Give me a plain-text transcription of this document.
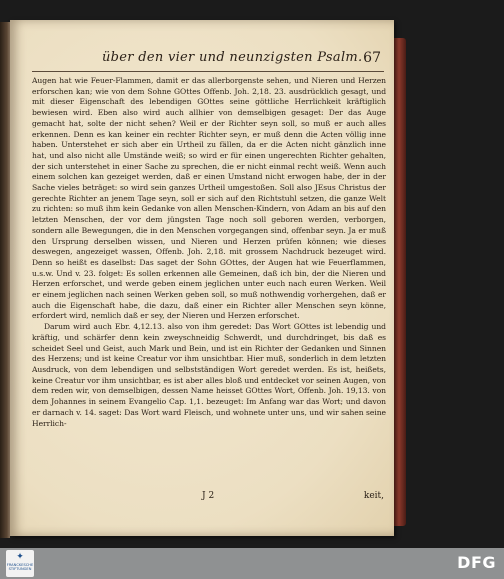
über den vier und neunzigsten Psalm. 67

Augen hat wie Feuer-Flammen, damit er das allerborgenste sehen, und Nieren und Herzen erforschen kan; wie von dem Sohne GOttes Offenb. Joh. 2,18. 23. ausdrücklich gesagt, und mit dieser Eigenschaft des lebendigen GOttes seine göttliche Herrlichkeit kräftiglich bewiesen wird. Eben also wird auch allhier von demselbigen gesaget: Der das Auge gemacht hat, solte der nicht sehen? Weil er der Richter seyn soll, so muß er auch alles erkennen. Denn es kan keiner ein rechter Richter seyn, er muß denn die Acten völlig inne haben. Unterstehet er sich aber ein Urtheil zu fällen, da er die Acten nicht gänzlich inne hat, und also nicht alle Umstände weiß; so wird er für einen ungerechten Richter gehalten, der sich unterstehet in einer Sache zu sprechen, die er nicht einmal recht weiß. Wenn auch einem solchen kan gezeiget werden, daß er einen Umstand nicht erwogen habe, der in der Sache vieles beträget: so wird sein ganzes Urtheil umgestoßen. Soll also JEsus Christus der gerechte Richter an jenem Tage seyn, soll er sich auf den Richtstuhl setzen, die ganze Welt zu richten: so muß ihm kein Gedanke von allen Menschen-Kindern, von Adam an bis auf den letzten Menschen, der vor dem jüngsten Tage noch soll geboren werden, verborgen, sondern alle Bewegungen, die in den Menschen vorgegangen sind, offenbar seyn. Ja er muß den Ursprung derselben wissen, und Nieren und Herzen prüfen können; wie dieses deswegen, angezeiget wassen, Offenb. Joh. 2,18. mit grossem Nachdruck bezeuget wird. Denn so heißt es daselbst: Das saget der Sohn GOttes, der Augen hat wie Feuerflammen, u.s.w. Und v. 23. folget: Es sollen erkennen alle Gemeinen, daß ich bin, der die Nieren und Herzen erforschet, und werde geben einem jeglichen unter euch nach euren Werken. Weil er einem jeglichen nach seinen Werken geben soll, so muß nothwendig vorhergehen, daß er auch die Eigenschaft habe, die dazu, daß einer ein Richter aller Menschen seyn könne, erfordert wird, nemlich daß er sey, der Nieren und Herzen erforschet.

Darum wird auch Ebr. 4,12.13. also von ihm geredet: Das Wort GOttes ist lebendig und kräftig, und schärfer denn kein zweyschneidig Schwerdt, und durchdringet, bis daß es scheidet Seel und Geist, auch Mark und Bein, und ist ein Richter der Gedanken und Sinnen des Herzens; und ist keine Creatur vor ihm unsichtbar. Hier muß, sonderlich in dem letzten Ausdruck, von dem lebendigen und selbstständigen Wort geredet werden. Es ist, heißets, keine Creatur vor ihm unsichtbar, es ist aber alles bloß und entdecket vor seinen Augen, von dem reden wir, von demselbigen, dessen Name heisset GOttes Wort, Offenb. Joh. 19,13. von dem Johannes in seinem Evangelio Cap. 1,1. bezeuget: Im Anfang war das Wort; und davon er darnach v. 14. saget: Das Wort ward Fleisch, und wohnete unter uns, und wir sahen seine Herrlich-

J 2	keit,
✦
FRANCKESCHE STIFTUNGEN	DFG
